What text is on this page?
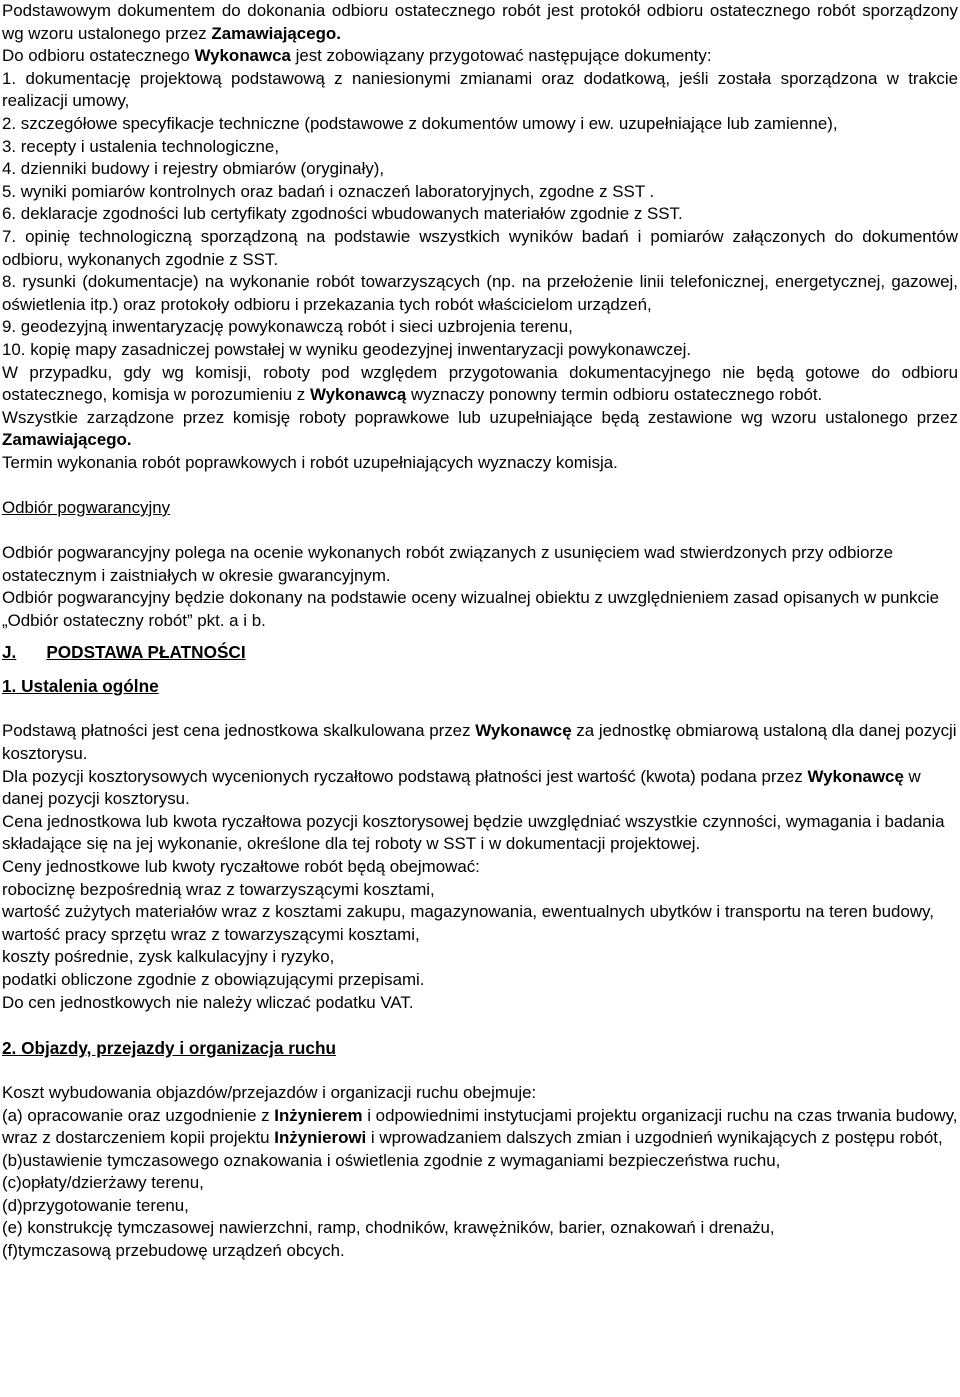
Podstawowym dokumentem do dokonania odbioru ostatecznego robót jest protokół odbioru ostatecznego robót sporządzony wg wzoru ustalonego przez Zamawiającego.

Do odbioru ostatecznego Wykonawca jest zobowiązany przygotować następujące dokumenty:

1. dokumentację projektową podstawową z naniesionymi zmianami oraz dodatkową, jeśli została sporządzona w trakcie realizacji umowy,

2. szczegółowe specyfikacje techniczne (podstawowe z dokumentów umowy i ew. uzupełniające lub zamienne),

3. recepty i ustalenia technologiczne,

4. dzienniki budowy i rejestry obmiarów (oryginały),

5. wyniki pomiarów kontrolnych oraz badań i oznaczeń laboratoryjnych, zgodne z SST .

6. deklaracje zgodności lub certyfikaty zgodności wbudowanych materiałów zgodnie z SST.

7. opinię technologiczną sporządzoną na podstawie wszystkich wyników badań i pomiarów załączonych do dokumentów odbioru, wykonanych zgodnie z SST.

8. rysunki (dokumentacje) na wykonanie robót towarzyszących (np. na przełożenie linii telefonicznej, energetycznej, gazowej, oświetlenia itp.) oraz protokoły odbioru i przekazania tych robót właścicielom urządzeń,

9. geodezyjną inwentaryzację powykonawczą robót i sieci uzbrojenia terenu,

10. kopię mapy zasadniczej powstałej w wyniku geodezyjnej inwentaryzacji powykonawczej.

W przypadku, gdy wg komisji, roboty pod względem przygotowania dokumentacyjnego nie będą gotowe do odbioru ostatecznego, komisja w porozumieniu z Wykonawcą wyznaczy ponowny termin odbioru ostatecznego robót.

Wszystkie zarządzone przez komisję roboty poprawkowe lub uzupełniające będą zestawione wg wzoru ustalonego przez Zamawiającego.

Termin wykonania robót poprawkowych i robót uzupełniających wyznaczy komisja.

Odbiór pogwarancyjny

Odbiór pogwarancyjny polega na ocenie wykonanych robót związanych z usunięciem wad stwierdzonych przy odbiorze ostatecznym i zaistniałych w okresie gwarancyjnym.

Odbiór pogwarancyjny będzie dokonany na podstawie oceny wizualnej obiektu z uwzględnieniem zasad opisanych w punkcie „Odbiór ostateczny robót” pkt. a i b.

J. PODSTAWA PŁATNOŚCI

1. Ustalenia ogólne

Podstawą płatności jest cena jednostkowa skalkulowana przez Wykonawcę za jednostkę obmiarową ustaloną dla danej pozycji kosztorysu.

Dla pozycji kosztorysowych wycenionych ryczałtowo podstawą płatności jest wartość (kwota) podana przez Wykonawcę w danej pozycji kosztorysu.

Cena jednostkowa lub kwota ryczałtowa pozycji kosztorysowej będzie uwzględniać wszystkie czynności, wymagania i badania składające się na jej wykonanie, określone dla tej roboty w SST i w dokumentacji projektowej.

Ceny jednostkowe lub kwoty ryczałtowe robót będą obejmować:

robociznę bezpośrednią wraz z towarzyszącymi kosztami,

wartość zużytych materiałów wraz z kosztami zakupu, magazynowania, ewentualnych ubytków i transportu na teren budowy,

wartość pracy sprzętu wraz z towarzyszącymi kosztami,

koszty pośrednie, zysk kalkulacyjny i ryzyko,

podatki obliczone zgodnie z obowiązującymi przepisami.

Do cen jednostkowych nie należy wliczać podatku VAT.

2. Objazdy, przejazdy i organizacja ruchu

Koszt wybudowania objazdów/przejazdów i organizacji ruchu obejmuje:

(a) opracowanie oraz uzgodnienie z Inżynierem i odpowiednimi instytucjami projektu organizacji ruchu na czas trwania budowy, wraz z dostarczeniem kopii projektu Inżynierowi i wprowadzaniem dalszych zmian i uzgodnień wynikających z postępu robót,

(b)ustawienie tymczasowego oznakowania i oświetlenia zgodnie z wymaganiami bezpieczeństwa ruchu,

(c)opłaty/dzierżawy terenu,

(d)przygotowanie terenu,

(e) konstrukcję tymczasowej nawierzchni, ramp, chodników, krawężników, barier, oznakowań i drenażu,

(f)tymczasową przebudowę urządzeń obcych.
